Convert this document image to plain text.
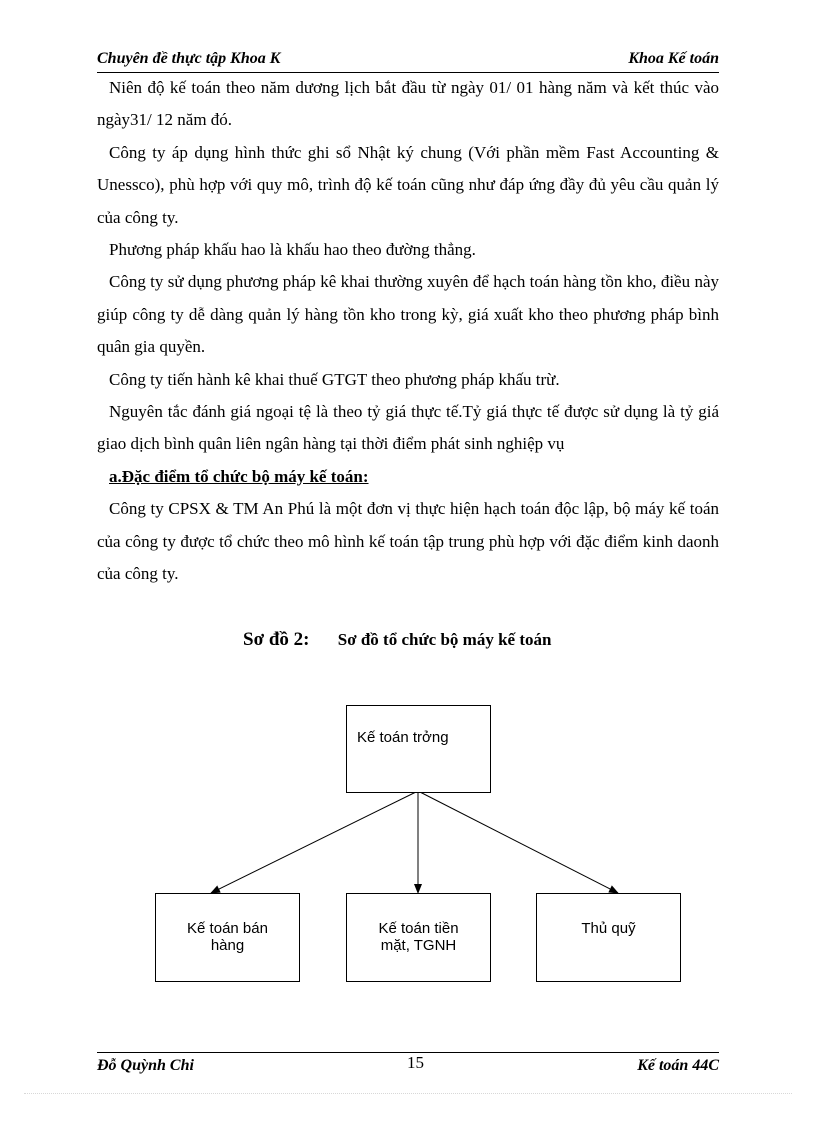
Chuyên đề thực tập Khoa K	Khoa Kế toán

Niên độ kế toán theo năm dương lịch bắt đầu từ ngày 01/ 01 hàng năm và kết thúc vào ngày31/ 12 năm đó.

Công ty áp dụng hình thức ghi sổ Nhật ký chung (Với phần mềm Fast Accounting & Unessco), phù hợp với quy mô, trình độ kế toán cũng như đáp ứng đầy đủ yêu cầu quản lý của công ty.

Phương pháp khấu hao là khấu hao theo đường thẳng.

Công ty sử dụng phương pháp kê khai thường xuyên để hạch toán hàng tồn kho, điều này giúp công ty dễ dàng quản lý hàng tồn kho trong kỳ, giá xuất kho theo phương pháp bình quân gia quyền.

Công ty tiến hành kê khai thuế GTGT theo phương pháp khấu trừ.

Nguyên tắc đánh giá ngoại tệ là theo tỷ giá thực tế.Tỷ giá thực tế được sử dụng là tỷ giá giao dịch bình quân liên ngân hàng tại thời điểm phát sinh nghiệp vụ

a.Đặc điểm tổ chức bộ máy kế toán:

Công ty CPSX & TM An Phú là một đơn vị thực hiện hạch toán độc lập, bộ máy kế toán của công ty được tổ chức theo mô hình kế toán tập trung phù hợp với đặc điểm kinh daonh của công ty.

Sơ đồ 2: Sơ đồ tổ chức bộ máy kế toán
Kế toán trởng
Kế toán bán hàng
Kế toán tiền mặt, TGNH
Thủ quỹ
Đỗ Quỳnh Chi	15	Kế toán 44C
